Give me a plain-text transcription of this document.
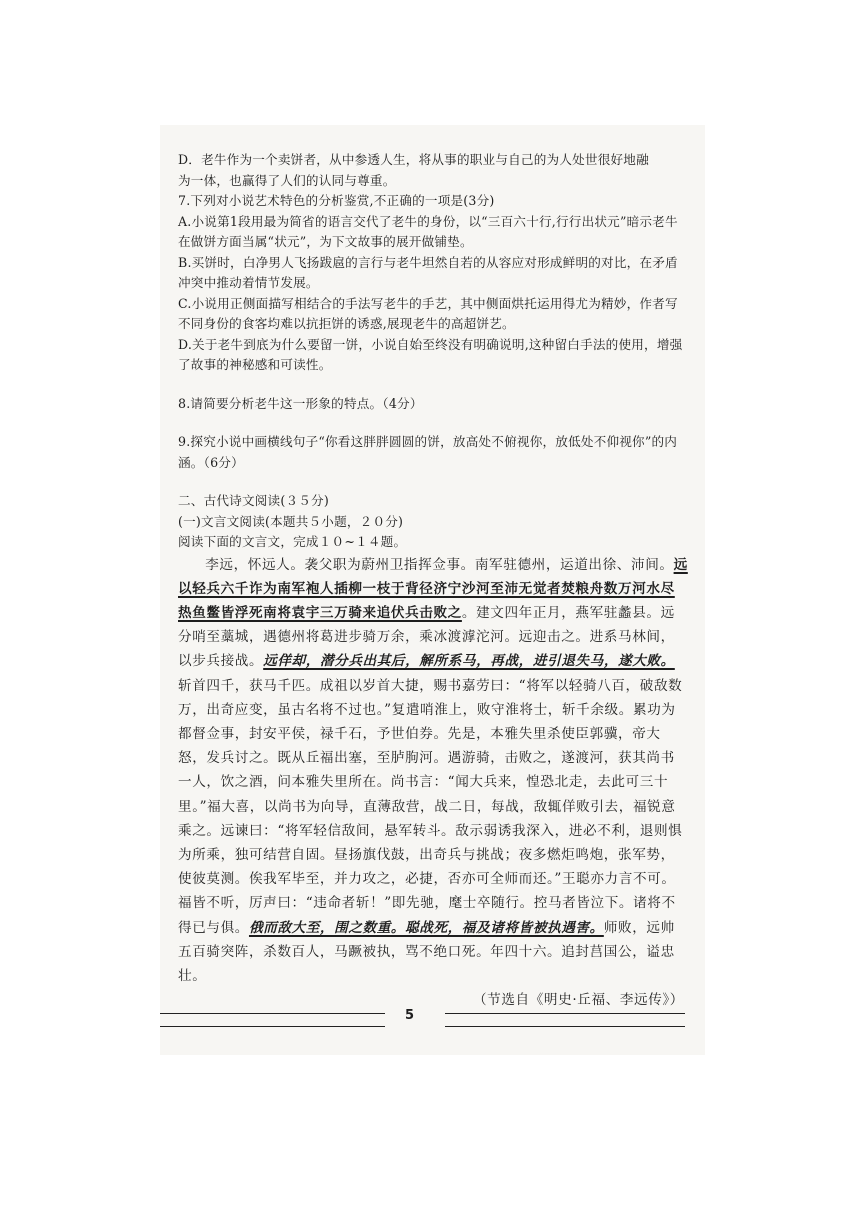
D．老牛作为一个卖饼者，从中参透人生，将从事的职业与自己的为人处世很好地融

为一体，也赢得了人们的认同与尊重。

7.下列对小说艺术特色的分析鉴赏,不正确的一项是(3分)

A.小说第1段用最为简省的语言交代了老牛的身份，以“三百六十行,行行出状元”暗示老牛在做饼方面当属“状元”，为下文故事的展开做铺垫。

B.买饼时，白净男人飞扬跋扈的言行与老牛坦然自若的从容应对形成鲜明的对比，在矛盾冲突中推动着情节发展。

C.小说用正侧面描写相结合的手法写老牛的手艺，其中侧面烘托运用得尤为精妙，作者写不同身份的食客均难以抗拒饼的诱惑,展现老牛的高超饼艺。

D.关于老牛到底为什么要留一饼，小说自始至终没有明确说明,这种留白手法的使用，增强了故事的神秘感和可读性。

8.请简要分析老牛这一形象的特点。（4分）

9.探究小说中画横线句子“你看这胖胖圆圆的饼，放高处不俯视你，放低处不仰视你”的内涵。（6分）

二、古代诗文阅读(３５分)

(一)文言文阅读(本题共５小题，２０分)

阅读下面的文言文，完成１０~１４题。

李远，怀远人。袭父职为蔚州卫指挥佥事。南军驻德州，运道出徐、沛间。远以轻兵六千诈为南军袍人插柳一枝于背径济宁沙河至沛无觉者焚粮舟数万河水尽热鱼鳖皆浮死南将袁宇三万骑来追伏兵击败之。建文四年正月，燕军驻蠡县。远分哨至藁城，遇德州将葛进步骑万余，乘冰渡滹沱河。远迎击之。进系马林间，以步兵接战。远佯却，潜分兵出其后，解所系马，再战，进引退失马，遂大败。斩首四千，获马千匹。成祖以岁首大捷，赐书嘉劳曰：“将军以轻骑八百，破敌数万，出奇应变，虽古名将不过也。”复遣哨淮上，败守淮将士，斩千余级。累功为都督佥事，封安平侯，禄千石，予世伯券。先是，本雅失里杀使臣郭骥，帝大怒，发兵讨之。既从丘福出塞，至胪朐河。遇游骑，击败之，遂渡河，获其尚书一人，饮之酒，问本雅失里所在。尚书言：“闻大兵来，惶恐北走，去此可三十里。”福大喜，以尚书为向导，直薄敌营，战二日，每战，敌辄佯败引去，福锐意乘之。远谏曰：“将军轻信敌间，悬军转斗。敌示弱诱我深入，进必不利，退则惧为所乘，独可结营自固。昼扬旗伐鼓，出奇兵与挑战；夜多燃炬鸣炮，张军势，使彼莫测。俟我军毕至，并力攻之，必捷，否亦可全师而还。”王聪亦力言不可。福皆不听，厉声曰：“违命者斩！”即先驰，麾士卒随行。控马者皆泣下。诸将不得已与俱。俄而敌大至，围之数重。聪战死，福及诸将皆被执遇害。师败，远帅五百骑突阵，杀数百人，马蹶被执，骂不绝口死。年四十六。追封莒国公，谥忠壮。

（节选自《明史·丘福、李远传》）

5
